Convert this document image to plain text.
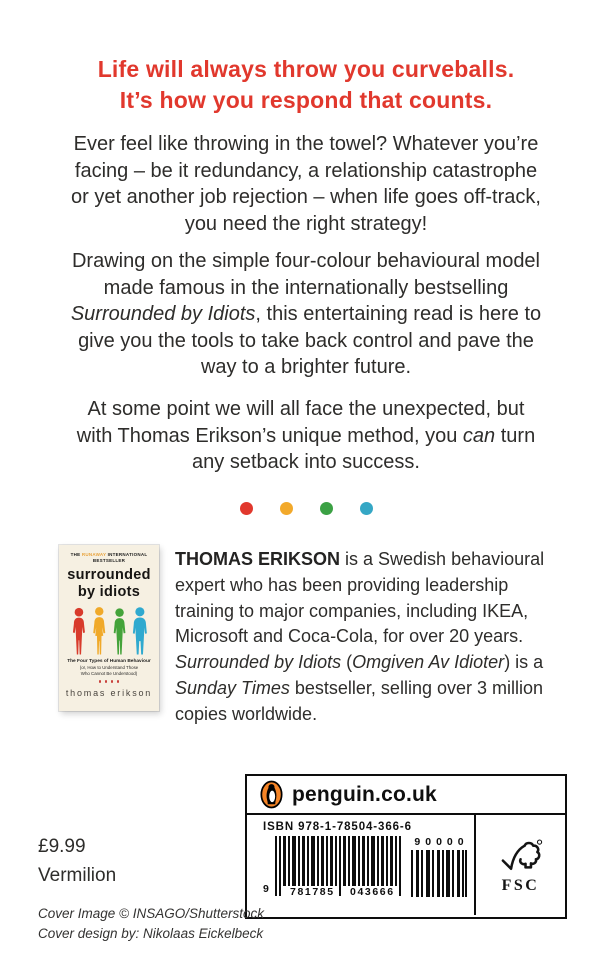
Life will always throw you curveballs.
It’s how you respond that counts.

Ever feel like throwing in the towel? Whatever you’re facing – be it redundancy, a relationship catastrophe or yet another job rejection – when life goes off-track, you need the right strategy!

Drawing on the simple four-colour behavioural model made famous in the internationally bestselling Surrounded by Idiots, this entertaining read is here to give you the tools to take back control and pave the way to a brighter future.

At some point we will all face the unexpected, but with Thomas Erikson’s unique method, you can turn any setback into success.

THE RUNAWAY INTERNATIONAL BESTSELLER
surrounded
by idiots
The Four Types of Human Behaviour
(or, How to Understand Those
Who Cannot Be Understood)
thomas erikson

THOMAS ERIKSON is a Swedish behavioural expert who has been providing leadership training to major companies, including IKEA, Microsoft and Coca-Cola, for over 20 years. Surrounded by Idiots (Omgiven Av Idioter) is a Sunday Times bestseller, selling over 3 million copies worldwide.

penguin.co.uk
ISBN 978-1-78504-366-6
9 781785 043666
90000
FSC
£9.99
Vermilion
Cover Image © INSAGO/Shutterstock
Cover design by: Nikolaas Eickelbeck
